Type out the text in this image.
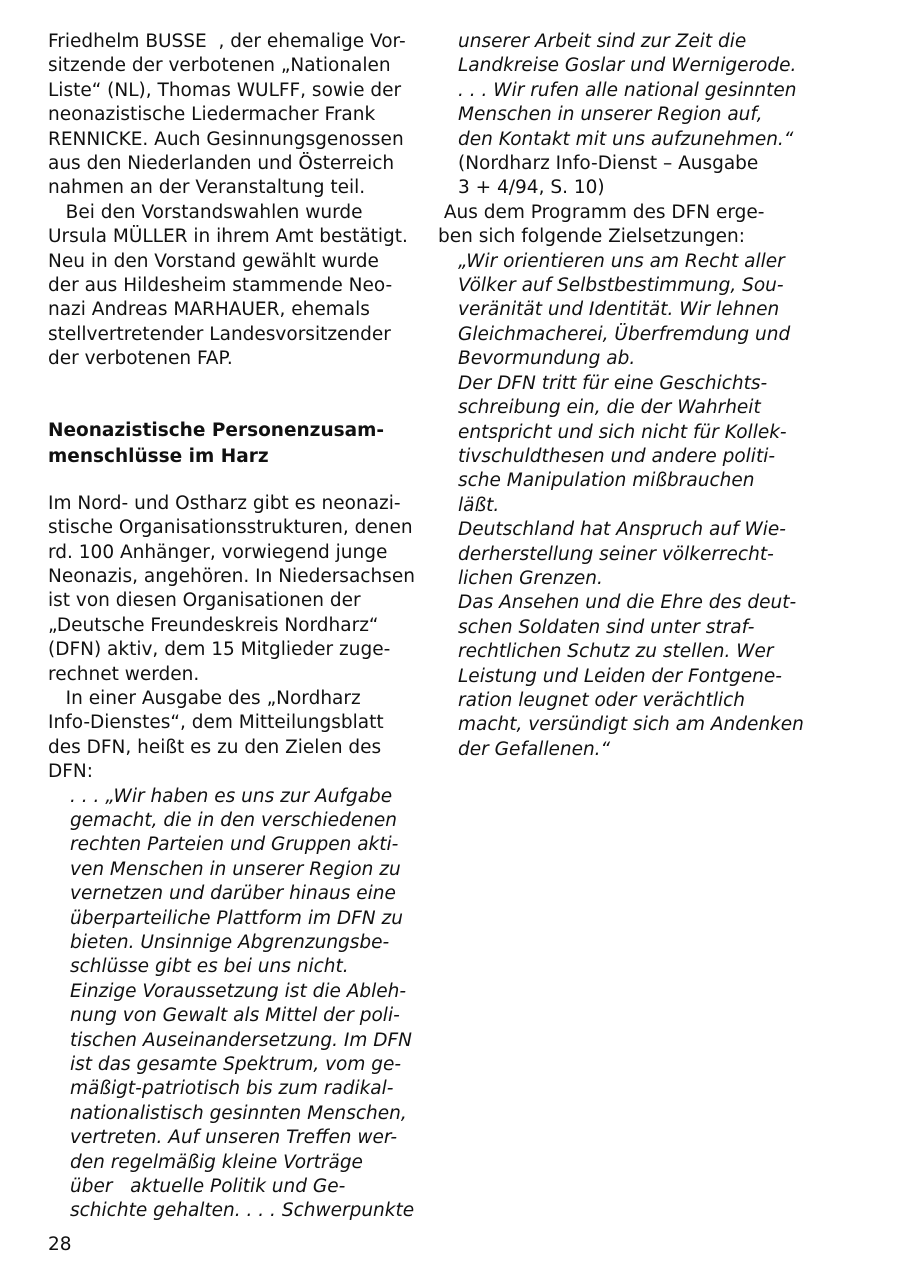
Friedhelm BUSSE  , der ehemalige Vor-
sitzende der verbotenen „Nationalen
Liste“ (NL), Thomas WULFF, sowie der
neonazistische Liedermacher Frank
RENNICKE. Auch Gesinnungsgenossen
aus den Niederlanden und Österreich
nahmen an der Veranstaltung teil.
Bei den Vorstandswahlen wurde
Ursula MÜLLER in ihrem Amt bestätigt.
Neu in den Vorstand gewählt wurde
der aus Hildesheim stammende Neo-
nazi Andreas MARHAUER, ehemals
stellvertretender Landesvorsitzender
der verbotenen FAP.
Neonazistische Personenzusam-
menschlüsse im Harz
Im Nord- und Ostharz gibt es neonazi-
stische Organisationsstrukturen, denen
rd. 100 Anhänger, vorwiegend junge
Neonazis, angehören. In Niedersachsen
ist von diesen Organisationen der
„Deutsche Freundeskreis Nordharz“
(DFN) aktiv, dem 15 Mitglieder zuge-
rechnet werden.
In einer Ausgabe des „Nordharz
Info-Dienstes“, dem Mitteilungsblatt
des DFN, heißt es zu den Zielen des
DFN:
. . . „Wir haben es uns zur Aufgabe
gemacht, die in den verschiedenen
rechten Parteien und Gruppen akti-
ven Menschen in unserer Region zu
vernetzen und darüber hinaus eine
überparteiliche Plattform im DFN zu
bieten. Unsinnige Abgrenzungsbe-
schlüsse gibt es bei uns nicht.
Einzige Voraussetzung ist die Ableh-
nung von Gewalt als Mittel der poli-
tischen Auseinandersetzung. Im DFN
ist das gesamte Spektrum, vom ge-
mäßigt-patriotisch bis zum radikal-
nationalistisch gesinnten Menschen,
vertreten. Auf unseren Treffen wer-
den regelmäßig kleine Vorträge
über   aktuelle Politik und Ge-
schichte gehalten. . . . Schwerpunkte
unserer Arbeit sind zur Zeit die
Landkreise Goslar und Wernigerode.
. . . Wir rufen alle national gesinnten
Menschen in unserer Region auf,
den Kontakt mit uns aufzunehmen.“
(Nordharz Info-Dienst – Ausgabe
3 + 4/94, S. 10)
Aus dem Programm des DFN erge-
ben sich folgende Zielsetzungen:
„Wir orientieren uns am Recht aller
Völker auf Selbstbestimmung, Sou-
veränität und Identität. Wir lehnen
Gleichmacherei, Überfremdung und
Bevormundung ab.
Der DFN tritt für eine Geschichts-
schreibung ein, die der Wahrheit
entspricht und sich nicht für Kollek-
tivschuldthesen und andere politi-
sche Manipulation mißbrauchen
läßt.
Deutschland hat Anspruch auf Wie-
derherstellung seiner völkerrecht-
lichen Grenzen.
Das Ansehen und die Ehre des deut-
schen Soldaten sind unter straf-
rechtlichen Schutz zu stellen. Wer
Leistung und Leiden der Fontgene-
ration leugnet oder verächtlich
macht, versündigt sich am Andenken
der Gefallenen.“
28
